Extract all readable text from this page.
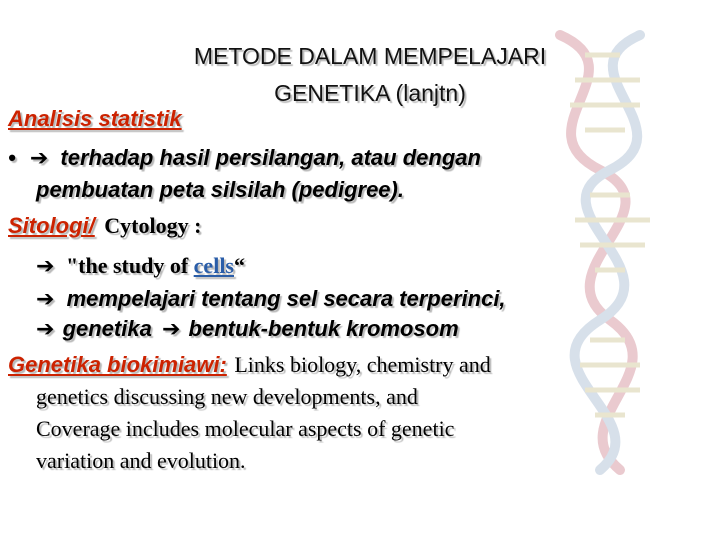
METODE DALAM MEMPELAJARI
GENETIKA (lanjtn)
Analisis statistik
• ➔ terhadap hasil persilangan, atau dengan
pembuatan peta silsilah (pedigree).
Sitologi/ Cytology :
➔ "the study of cells“
➔ mempelajari tentang sel secara terperinci,
➔ genetika ➔ bentuk-bentuk kromosom
Genetika biokimiawi: Links biology, chemistry and
genetics discussing new developments, and
Coverage includes molecular aspects of genetic
variation and evolution.
